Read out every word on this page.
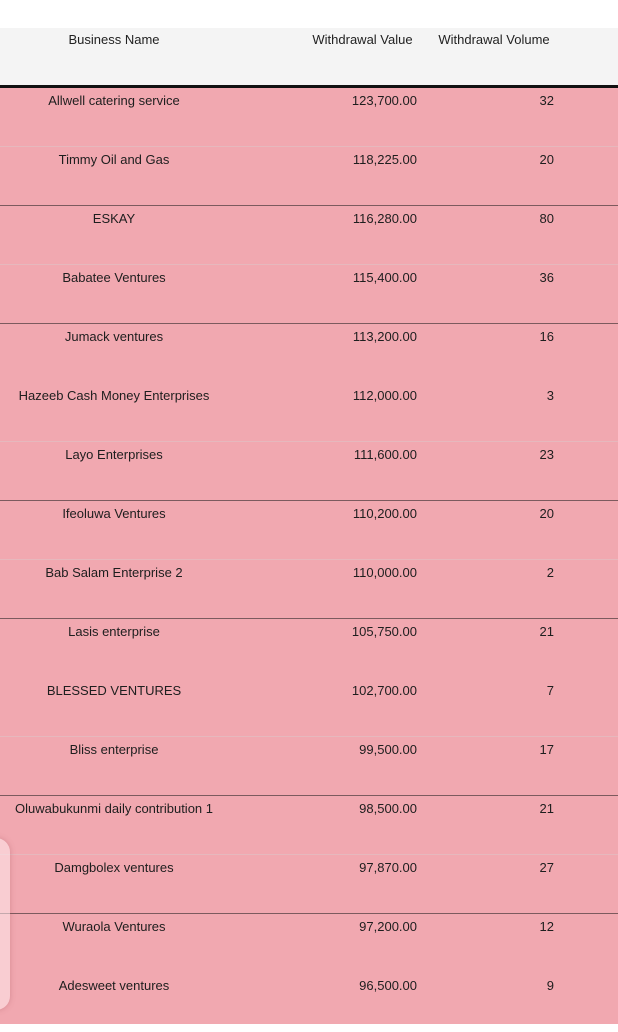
Business Name	Withdrawal Value	Withdrawal Volume
Allwell catering service	123,700.00	32
Timmy Oil and Gas	118,225.00	20
ESKAY	116,280.00	80
Babatee Ventures	115,400.00	36
Jumack ventures	113,200.00	16
Hazeeb Cash Money Enterprises	112,000.00	3
Layo Enterprises	111,600.00	23
Ifeoluwa Ventures	110,200.00	20
Bab Salam Enterprise 2	110,000.00	2
Lasis enterprise	105,750.00	21
BLESSED VENTURES	102,700.00	7
Bliss enterprise	99,500.00	17
Oluwabukunmi daily contribution 1	98,500.00	21
Damgbolex ventures	97,870.00	27
Wuraola Ventures	97,200.00	12
Adesweet ventures	96,500.00	9
